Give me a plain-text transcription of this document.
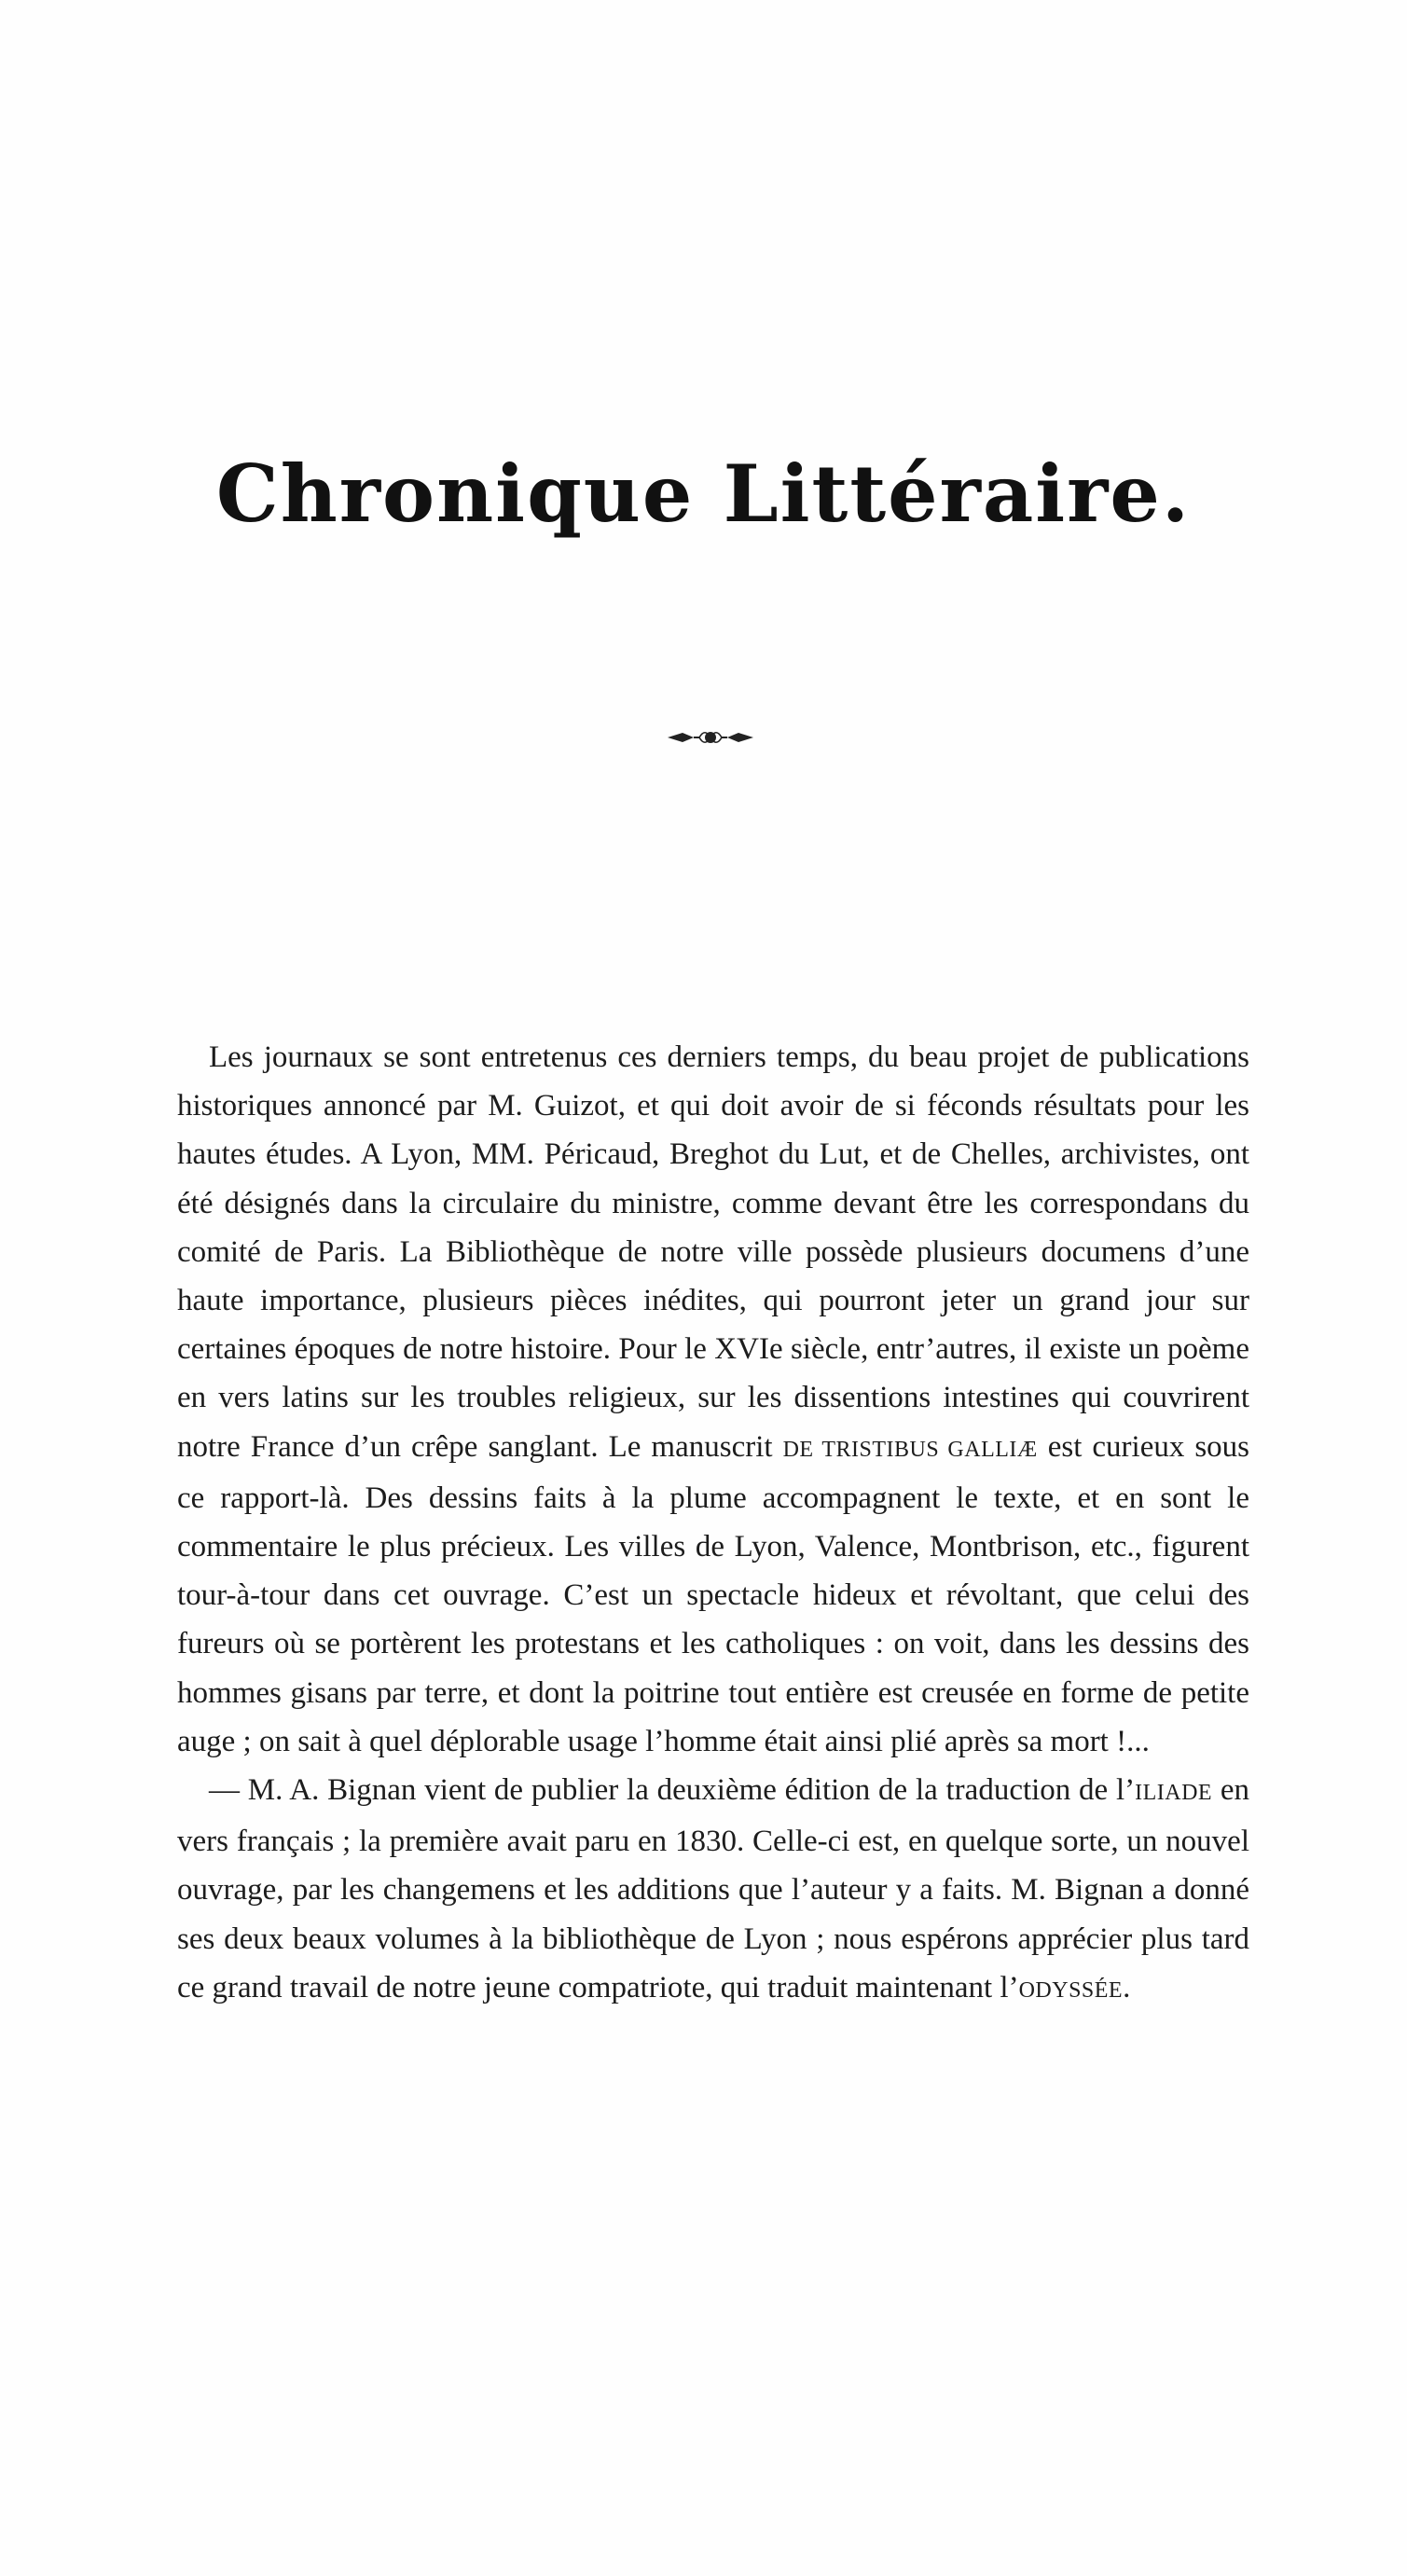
Chronique Littéraire.

Les journaux se sont entretenus ces derniers temps, du beau projet de publications historiques annoncé par M. Guizot, et qui doit avoir de si féconds résultats pour les hautes études. A Lyon, MM. Péricaud, Breghot du Lut, et de Chelles, archivistes, ont été désignés dans la circulaire du ministre, comme devant être les correspondans du comité de Paris. La Bibliothèque de notre ville possède plusieurs documens d’une haute importance, plusieurs pièces inédites, qui pourront jeter un grand jour sur certaines époques de notre histoire. Pour le XVIe siècle, entr’autres, il existe un poème en vers latins sur les troubles religieux, sur les dissentions intestines qui couvrirent notre France d’un crêpe sanglant. Le manuscrit DE TRISTIBUS GALLIÆ est curieux sous ce rapport-là. Des dessins faits à la plume accompagnent le texte, et en sont le commentaire le plus précieux. Les villes de Lyon, Valence, Montbrison, etc., figurent tour-à-tour dans cet ouvrage. C’est un spectacle hideux et révoltant, que celui des fureurs où se portèrent les protestans et les catholiques : on voit, dans les dessins des hommes gisans par terre, et dont la poitrine tout entière est creusée en forme de petite auge ; on sait à quel déplorable usage l’homme était ainsi plié après sa mort !...

— M. A. Bignan vient de publier la deuxième édition de la traduction de l’ILIADE en vers français ; la première avait paru en 1830. Celle-ci est, en quelque sorte, un nouvel ouvrage, par les changemens et les additions que l’auteur y a faits. M. Bignan a donné ses deux beaux volumes à la bibliothèque de Lyon ; nous espérons apprécier plus tard ce grand travail de notre jeune compatriote, qui traduit maintenant l’ODYSSÉE.
